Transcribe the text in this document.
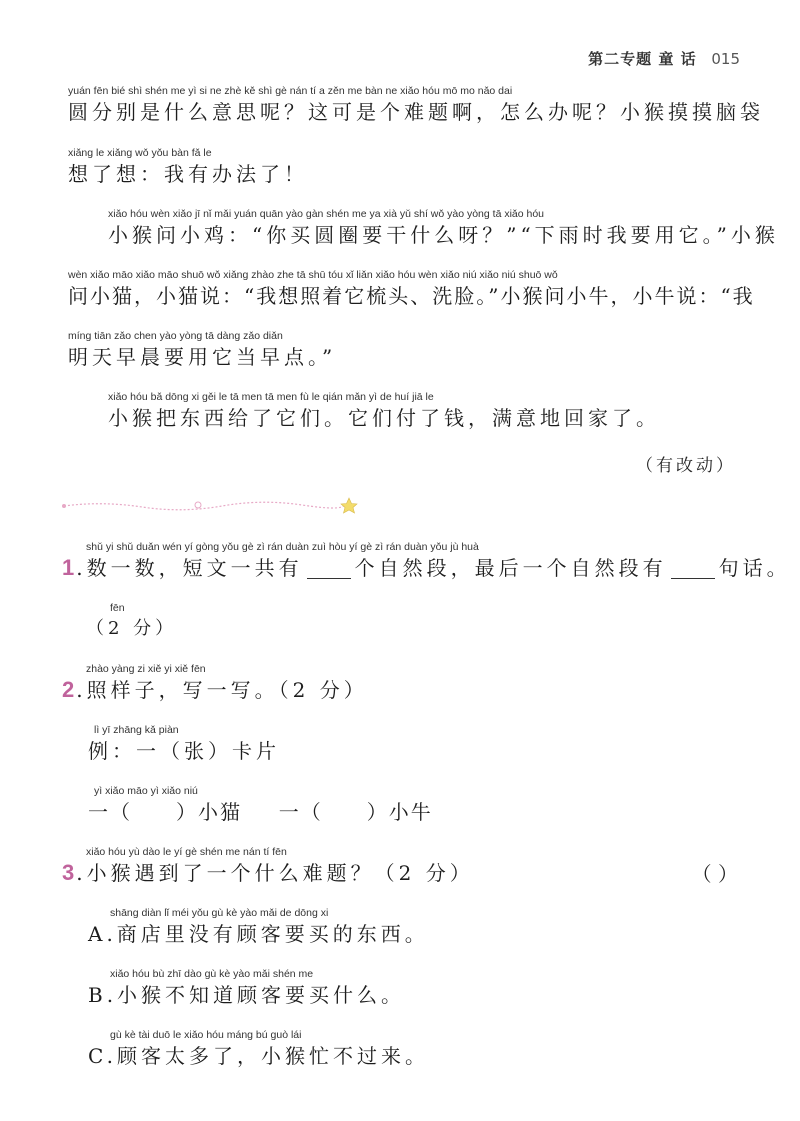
第二专题 童 话 015
yuán fēn bié shì shén me yì si ne zhè kě shì gè nán tí a zěn me bàn ne xiǎo hóu mō mo nǎo dai
圆分别是什么意思呢？这可是个难题啊，怎么办呢？小猴摸摸脑袋
xiǎng le xiǎng wǒ yǒu bàn fǎ le
想了想：我有办法了！
xiǎo hóu wèn xiǎo jī nǐ mǎi yuán quān yào gàn shén me ya xià yǔ shí wǒ yào yòng tā xiǎo hóu
小猴问小鸡：“你买圆圈要干什么呀？”“下雨时我要用它。”小猴
wèn xiǎo māo xiǎo māo shuō wǒ xiǎng zhào zhe tā shū tóu xǐ liǎn xiǎo hóu wèn xiǎo niú xiǎo niú shuō wǒ
问小猫，小猫说：“我想照着它梳头、洗脸。”小猴问小牛，小牛说：“我
míng tiān zǎo chen yào yòng tā dàng zǎo diǎn
明天早晨要用它当早点。”
xiǎo hóu bǎ dōng xi gěi le tā men tā men fù le qián mǎn yì de huí jiā le
小猴把东西给了它们。它们付了钱，满意地回家了。
（有改动）
shǔ yi shǔ duǎn wén yí gòng yǒu gè zì rán duàn zuì hòu yí gè zì rán duàn yǒu jù huà
1 .数一数，短文一共有	个自然段，最后一个自然段有	句话。
fēn
（2 分）
zhào yàng zi xiě yi xiě fēn
2 .照样子，写一写。（2 分）
lì yī zhāng kǎ piàn
例：一（张）卡片
yì xiǎo māo yì xiǎo niú
一（ ）小猫 一（ ）小牛
xiǎo hóu yù dào le yí gè shén me nán tí fēn
3 .小猴遇到了一个什么难题？（2 分）	（ ）
shāng diàn lǐ méi yǒu gù kè yào mǎi de dōng xi
A.商店里没有顾客要买的东西。
xiǎo hóu bù zhī dào gù kè yào mǎi shén me
B.小猴不知道顾客要买什么。
gù kè tài duō le xiǎo hóu máng bú guò lái
C.顾客太多了，小猴忙不过来。
